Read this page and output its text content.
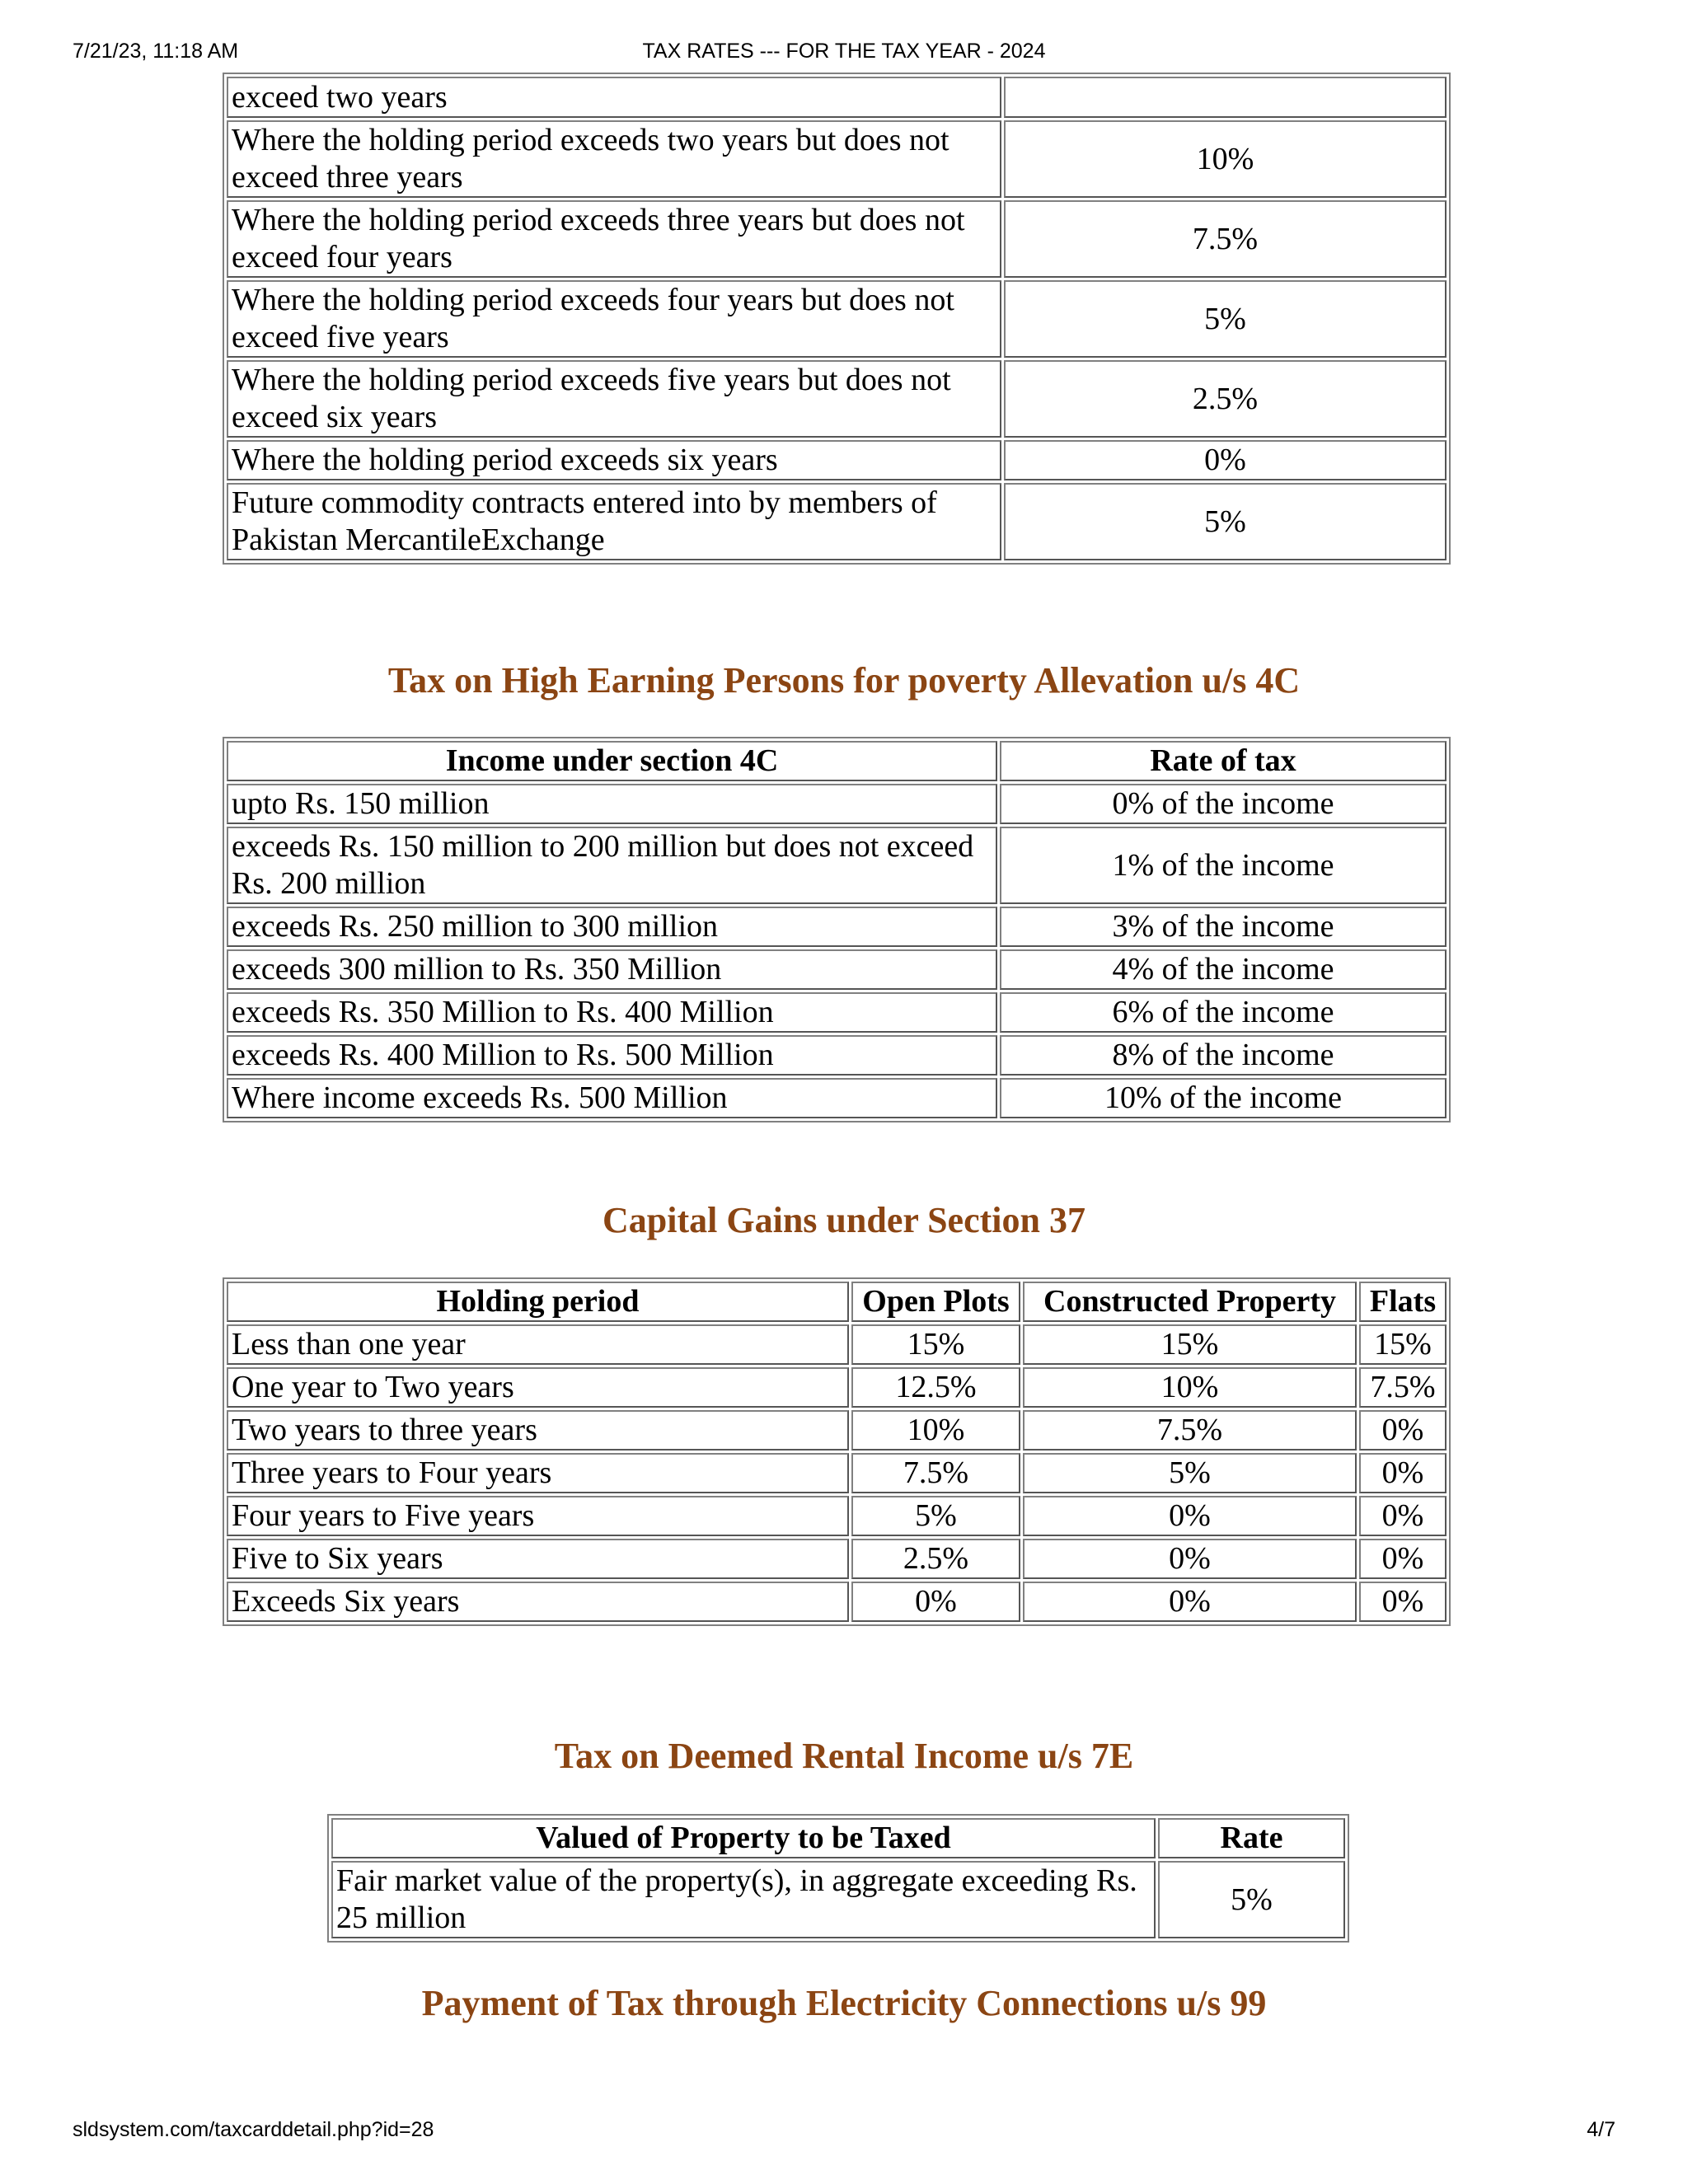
7/21/23, 11:18 AM	TAX RATES --- FOR THE TAX YEAR - 2024
exceed two years	
Where the holding period exceeds two years but does not exceed three years	10%
Where the holding period exceeds three years but does not exceed four years	7.5%
Where the holding period exceeds four years but does not exceed five years	5%
Where the holding period exceeds five years but does not exceed six years	2.5%
Where the holding period exceeds six years	0%
Future commodity contracts entered into by members of Pakistan MercantileExchange	5%
Tax on High Earning Persons for poverty Allevation u/s 4C
Income under section 4C	Rate of tax
upto Rs. 150 million	0% of the income
exceeds Rs. 150 million to 200 million but does not exceed Rs. 200 million	1% of the income
exceeds Rs. 250 million to 300 million	3% of the income
exceeds 300 million to Rs. 350 Million	4% of the income
exceeds Rs. 350 Million to Rs. 400 Million	6% of the income
exceeds Rs. 400 Million to Rs. 500 Million	8% of the income
Where income exceeds Rs. 500 Million	10% of the income
Capital Gains under Section 37
Holding period	Open Plots	Constructed Property	Flats
Less than one year	15%	15%	15%
One year to Two years	12.5%	10%	7.5%
Two years to three years	10%	7.5%	0%
Three years to Four years	7.5%	5%	0%
Four years to Five years	5%	0%	0%
Five to Six years	2.5%	0%	0%
Exceeds Six years	0%	0%	0%
Tax on Deemed Rental Income u/s 7E
Valued of Property to be Taxed	Rate
Fair market value of the property(s), in aggregate exceeding Rs. 25 million	5%
Payment of Tax through Electricity Connections u/s 99
sldsystem.com/taxcarddetail.php?id=28	4/7
